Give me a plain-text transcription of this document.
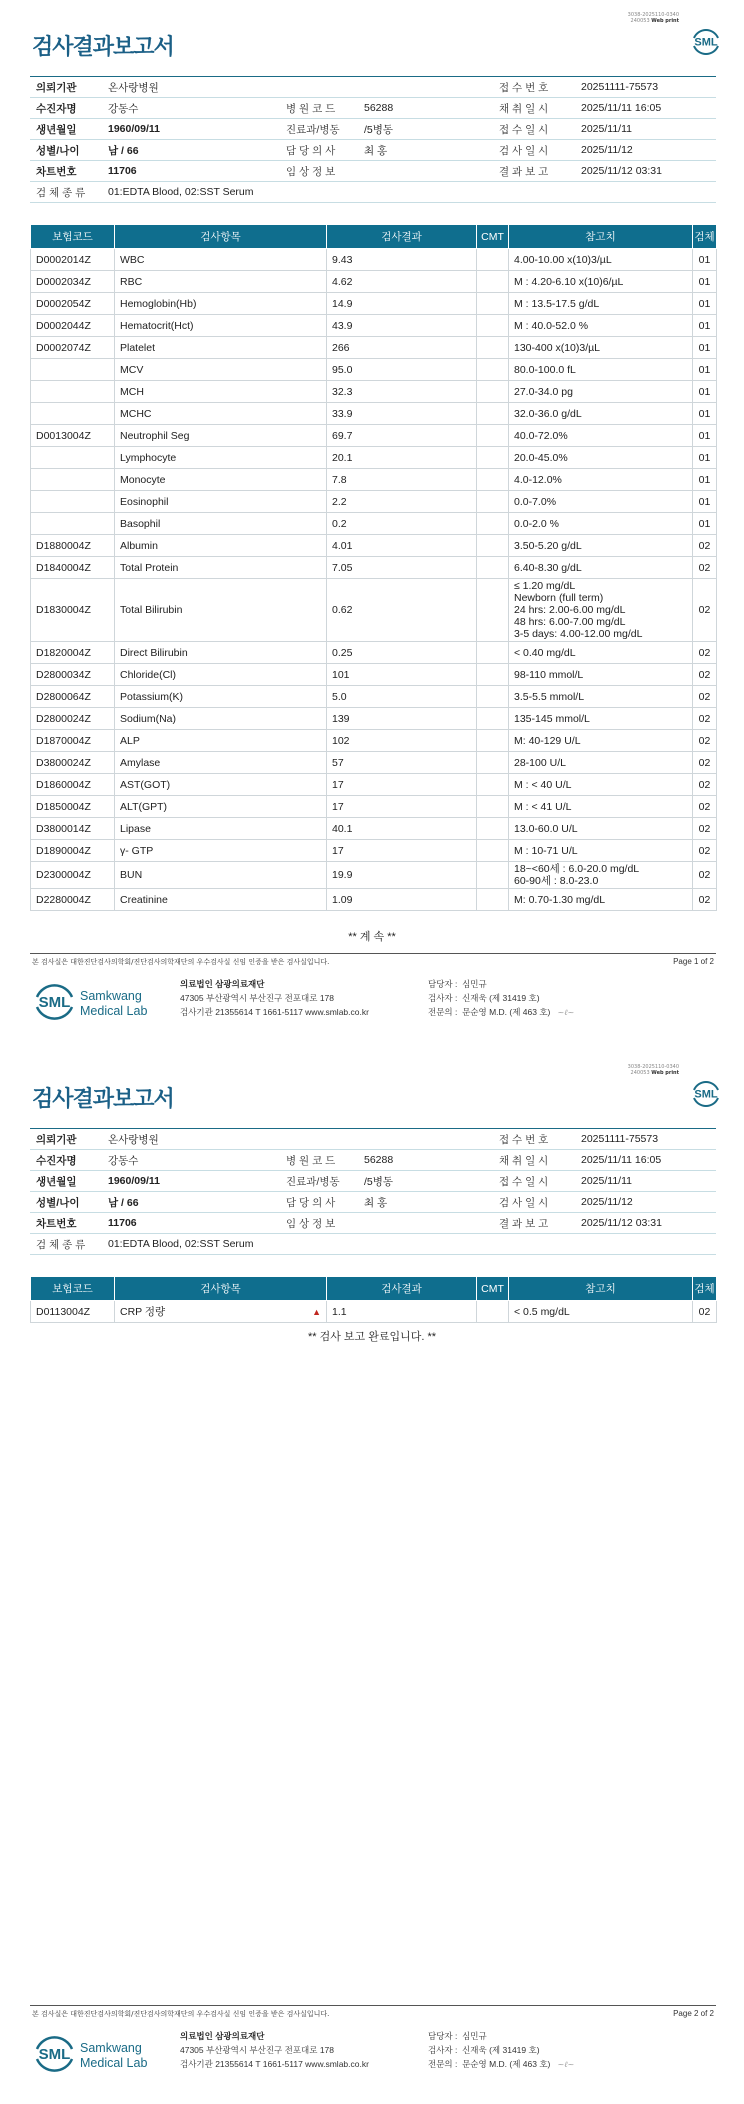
3038-2025110-0340
240053 Web print
검사결과보고서	SML
의뢰기관	온사랑병원			접 수 번 호	20251111-75573
수진자명	강동수	병 원 코 드	56288	채 취 일 시	2025/11/11 16:05
생년월일	1960/09/11	진료과/병동	/5병동	접 수 일 시	2025/11/11
성별/나이	남 / 66	담 당 의 사	최 홍	검 사 일 시	2025/11/12
차트번호	11706	임 상 정 보		결 과 보 고	2025/11/12 03:31
검 체 종 류	01:EDTA Blood, 02:SST Serum				
보험코드	검사항목	검사결과	CMT	참고치	검체
D0002014Z	WBC	9.43		4.00-10.00 x(10)3/µL	01
D0002034Z	RBC	4.62		M : 4.20-6.10 x(10)6/µL	01
D0002054Z	Hemoglobin(Hb)	14.9		M : 13.5-17.5 g/dL	01
D0002044Z	Hematocrit(Hct)	43.9		M : 40.0-52.0 %	01
D0002074Z	Platelet	266		130-400 x(10)3/µL	01
	MCV	95.0		80.0-100.0 fL	01
	MCH	32.3		27.0-34.0 pg	01
	MCHC	33.9		32.0-36.0 g/dL	01
D0013004Z	Neutrophil Seg	69.7		40.0-72.0%	01
	Lymphocyte	20.1		20.0-45.0%	01
	Monocyte	7.8		4.0-12.0%	01
	Eosinophil	2.2		0.0-7.0%	01
	Basophil	0.2		0.0-2.0 %	01
D1880004Z	Albumin	4.01		3.50-5.20 g/dL	02
D1840004Z	Total Protein	7.05		6.40-8.30 g/dL	02
D1830004Z	Total Bilirubin	0.62		≤ 1.20 mg/dL
Newborn (full term)
24 hrs: 2.00-6.00 mg/dL
48 hrs: 6.00-7.00 mg/dL
3-5 days: 4.00-12.00 mg/dL	02
D1820004Z	Direct Bilirubin	0.25		< 0.40 mg/dL	02
D2800034Z	Chloride(Cl)	101		98-110 mmol/L	02
D2800064Z	Potassium(K)	5.0		3.5-5.5 mmol/L	02
D2800024Z	Sodium(Na)	139		135-145 mmol/L	02
D1870004Z	ALP	102		M: 40-129 U/L	02
D3800024Z	Amylase	57		28-100 U/L	02
D1860004Z	AST(GOT)	17		M : < 40 U/L	02
D1850004Z	ALT(GPT)	17		M : < 41 U/L	02
D3800014Z	Lipase	40.1		13.0-60.0 U/L	02
D1890004Z	γ- GTP	17		M : 10-71 U/L	02
D2300004Z	BUN	19.9		18~<60세 : 6.0-20.0 mg/dL
60-90세 : 8.0-23.0	02
D2280004Z	Creatinine	1.09		M: 0.70-1.30 mg/dL	02
** 계 속 **
본 검사실은 대한진단검사의학회/진단검사의학재단의 우수검사실 신임 인증을 받은 검사실입니다.	Page 1 of 2
SML Samkwang
Medical Lab
의료법인 삼광의료재단
47305 부산광역시 부산진구 전포대로 178
검사기관 21355614 T 1661-5117 www.smlab.co.kr
담당자 : 심민규
검사자 : 신재욱 (제 31419 호)
전문의 : 문순영 M.D. (제 463 호) ~ℓ~
3038-2025110-0340
240053 Web print
검사결과보고서	SML
의뢰기관	온사랑병원			접 수 번 호	20251111-75573
수진자명	강동수	병 원 코 드	56288	채 취 일 시	2025/11/11 16:05
생년월일	1960/09/11	진료과/병동	/5병동	접 수 일 시	2025/11/11
성별/나이	남 / 66	담 당 의 사	최 홍	검 사 일 시	2025/11/12
차트번호	11706	임 상 정 보		결 과 보 고	2025/11/12 03:31
검 체 종 류	01:EDTA Blood, 02:SST Serum				
보험코드	검사항목	검사결과	CMT	참고치	검체
D0113004Z	CRP 정량 ▲	1.1		< 0.5 mg/dL	02
** 검사 보고 완료입니다. **
본 검사실은 대한진단검사의학회/진단검사의학재단의 우수검사실 신임 인증을 받은 검사실입니다.	Page 2 of 2
SML Samkwang
Medical Lab
의료법인 삼광의료재단
47305 부산광역시 부산진구 전포대로 178
검사기관 21355614 T 1661-5117 www.smlab.co.kr
담당자 : 심민규
검사자 : 신재욱 (제 31419 호)
전문의 : 문순영 M.D. (제 463 호) ~ℓ~
